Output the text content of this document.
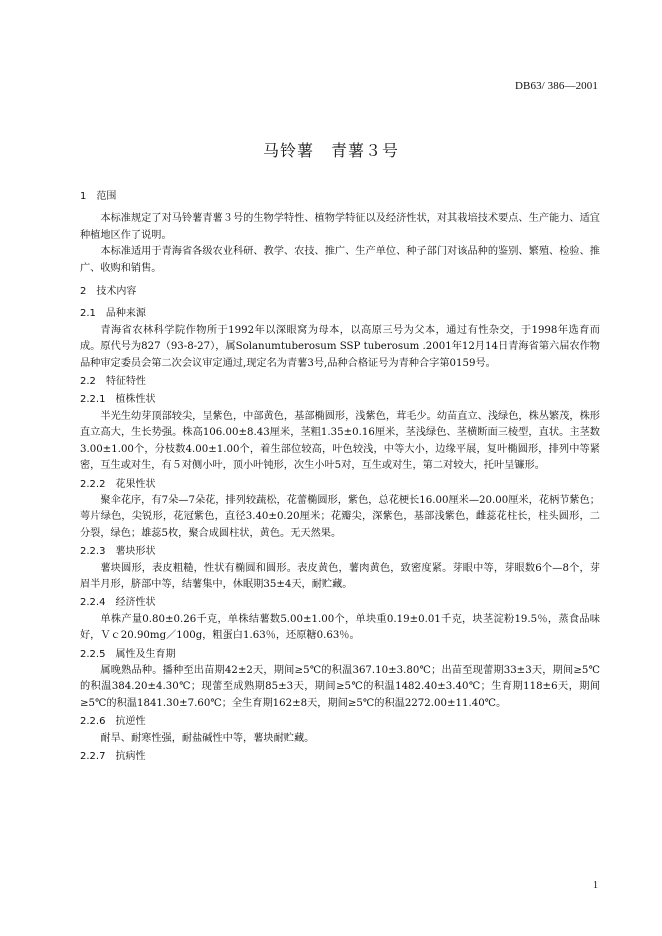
DB63/ 386—2001
马铃薯　青薯３号
1　范围

本标准规定了对马铃薯青薯３号的生物学特性、植物学特征以及经济性状，对其栽培技术要点、生产能力、适宜种植地区作了说明。

本标准适用于青海省各级农业科研、教学、农技、推广、生产单位、种子部门对该品种的鉴别、繁殖、检验、推广、收购和销售。

2　技术内容
2.1　品种来源

青海省农林科学院作物所于1992年以深眼窝为母本，以高原三号为父本，通过有性杂交，于1998年选育而成。原代号为827（93-8-27），属Solanumtuberosum SSP tuberosum .2001年12月14日青海省第六届农作物品种审定委员会第二次会议审定通过,现定名为青薯3号,品种合格证号为青种合字第0159号。

2.2　特征特性
2.2.1　植株性状

半光生幼芽顶部较尖，呈紫色，中部黄色，基部椭圆形，浅紫色，茸毛少。幼苗直立、浅绿色，株丛繁茂，株形直立高大，生长势强。株高106.00±8.43厘米，茎粗1.35±0.16厘米，茎浅绿色、茎横断面三棱型，直状。主茎数3.00±1.00个，分枝数4.00±1.00个，着生部位较高，叶色较浅，中等大小，边缘平展，复叶椭圆形，排列中等紧密，互生或对生，有５对侧小叶，顶小叶钝形，次生小叶5对，互生或对生，第二对较大，托叶呈镰形。

2.2.2　花果性状

聚伞花序，有7朵—7朵花，排列较蔬松，花蕾椭圆形，紫色，总花梗长16.00厘米—20.00厘米，花柄节紫色；萼片绿色，尖锐形，花冠紫色，直径3.40±0.20厘米；花瓣尖，深紫色，基部浅紫色，雌蕊花柱长，柱头圆形，二分裂，绿色；雄蕊5枚，聚合成圆柱状，黄色。无天然果。

2.2.3　薯块形状

薯块圆形，表皮粗糙，性状有椭圆和圆形。表皮黄色，薯肉黄色，致密度紧。芽眼中等，芽眼数6个—8个，芽眉半月形，脐部中等，结薯集中，休眠期35±4天，耐贮藏。

2.2.4　经济性状

单株产量0.80±0.26千克，单株结薯数5.00±1.00个，单块重0.19±0.01千克，块茎淀粉19.5％，蒸食品味好，Ｖｃ20.90mg／100g，粗蛋白1.63％，还原糖0.63％。

2.2.5　属性及生育期

属晚熟品种。播种至出苗期42±2天，期间≥5℃的积温367.10±3.80℃；出苗至现蕾期33±3天，期间≥5℃的积温384.20±4.30℃；现蕾至成熟期85±3天，期间≥5℃的积温1482.40±3.40℃；生育期118±6天，期间≥5℃的积温1841.30±7.60℃；全生育期162±8天，期间≥5℃的积温2272.00±11.40℃。

2.2.6　抗逆性

耐旱、耐寒性强，耐盐碱性中等，薯块耐贮藏。

2.2.7　抗病性
1
